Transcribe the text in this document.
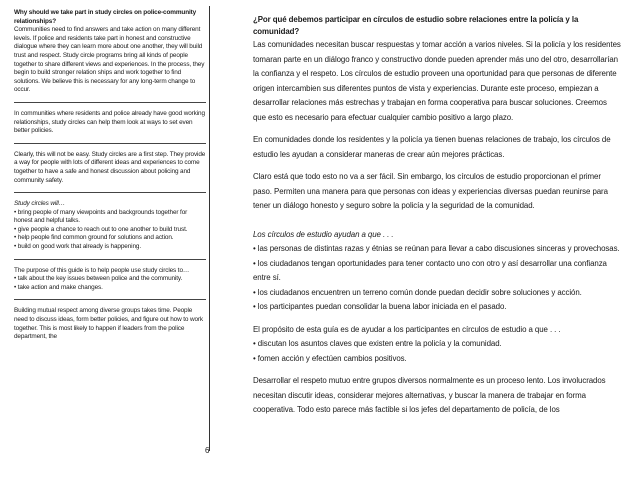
Why should we take part in study circles on police-community relationships?

Communities need to find answers and take action on many different levels. If police and residents take part in honest and constructive dialogue where they can learn more about one another, they will build trust and respect. Study circle programs bring all kinds of people together to share different views and experiences. In the process, they begin to build stronger relation ships and work together to find solutions. We believe this is necessary for any long-term change to occur.

In communities where residents and police already have good working relationships, study circles can help them look at ways to set even better policies.

Clearly, this will not be easy. Study circles are a first step. They provide a way for people with lots of different ideas and experiences to come together to have a safe and honest discussion about policing and community safety.

Study circles will…
• bring people of many viewpoints and backgrounds together for honest and helpful talks.
• give people a chance to reach out to one another to build trust.
• help people find common ground for solutions and action.
• build on good work that already is happening.

The purpose of this guide is to help people use study circles to…
• talk about the key issues between police and the community.
• take action and make changes.

Building mutual respect among diverse groups takes time. People need to discuss ideas, form better policies, and figure out how to work together. This is most likely to happen if leaders from the police department, the

6

¿Por qué debemos participar en círculos de estudio sobre relaciones entre la policía y la comunidad?

Las comunidades necesitan buscar respuestas y tomar acción a varios niveles. Si la policía y los residentes tomaran parte en un diálogo franco y constructivo donde pueden aprender más uno del otro, desarrollarían la confianza y el respeto. Los círculos de estudio proveen una oportunidad para que personas de diferente origen intercambien sus diferentes puntos de vista y experiencias. Durante este proceso, empiezan a desarrollar relaciones más estrechas y trabajan en forma cooperativa para buscar soluciones. Creemos que esto es necesario para efectuar cualquier cambio positivo a largo plazo.

En comunidades donde los residentes y la policía ya tienen buenas relaciones de trabajo, los círculos de estudio les ayudan a considerar maneras de crear aún mejores prácticas.

Claro está que todo esto no va a ser fácil. Sin embargo, los círculos de estudio proporcionan el primer paso. Permiten una manera para que personas con ideas y experiencias diversas puedan reunirse para tener un diálogo honesto y seguro sobre la policía y la seguridad de la comunidad.

Los círculos de estudio ayudan a que . . .
• las personas de distintas razas y étnias se reúnan para llevar a cabo discusiones sinceras y provechosas.
• los ciudadanos tengan oportunidades para tener contacto uno con otro y así desarrollar una confianza entre sí.
• los ciudadanos encuentren un terreno común donde puedan decidir sobre soluciones y acción.
• los participantes puedan consolidar la buena labor iniciada en el pasado.

El propósito de esta guía es de ayudar a los participantes en círculos de estudio a que . . .
• discutan los asuntos claves que existen entre la policía y la comunidad.
• fomen acción y efectúen cambios positivos.

Desarrollar el respeto mutuo entre grupos diversos normalmente es un proceso lento. Los involucrados necesitan discutir ideas, considerar mejores alternativas, y buscar la manera de trabajar en forma cooperativa. Todo esto parece más factible si los jefes del departamento de policía, de los
